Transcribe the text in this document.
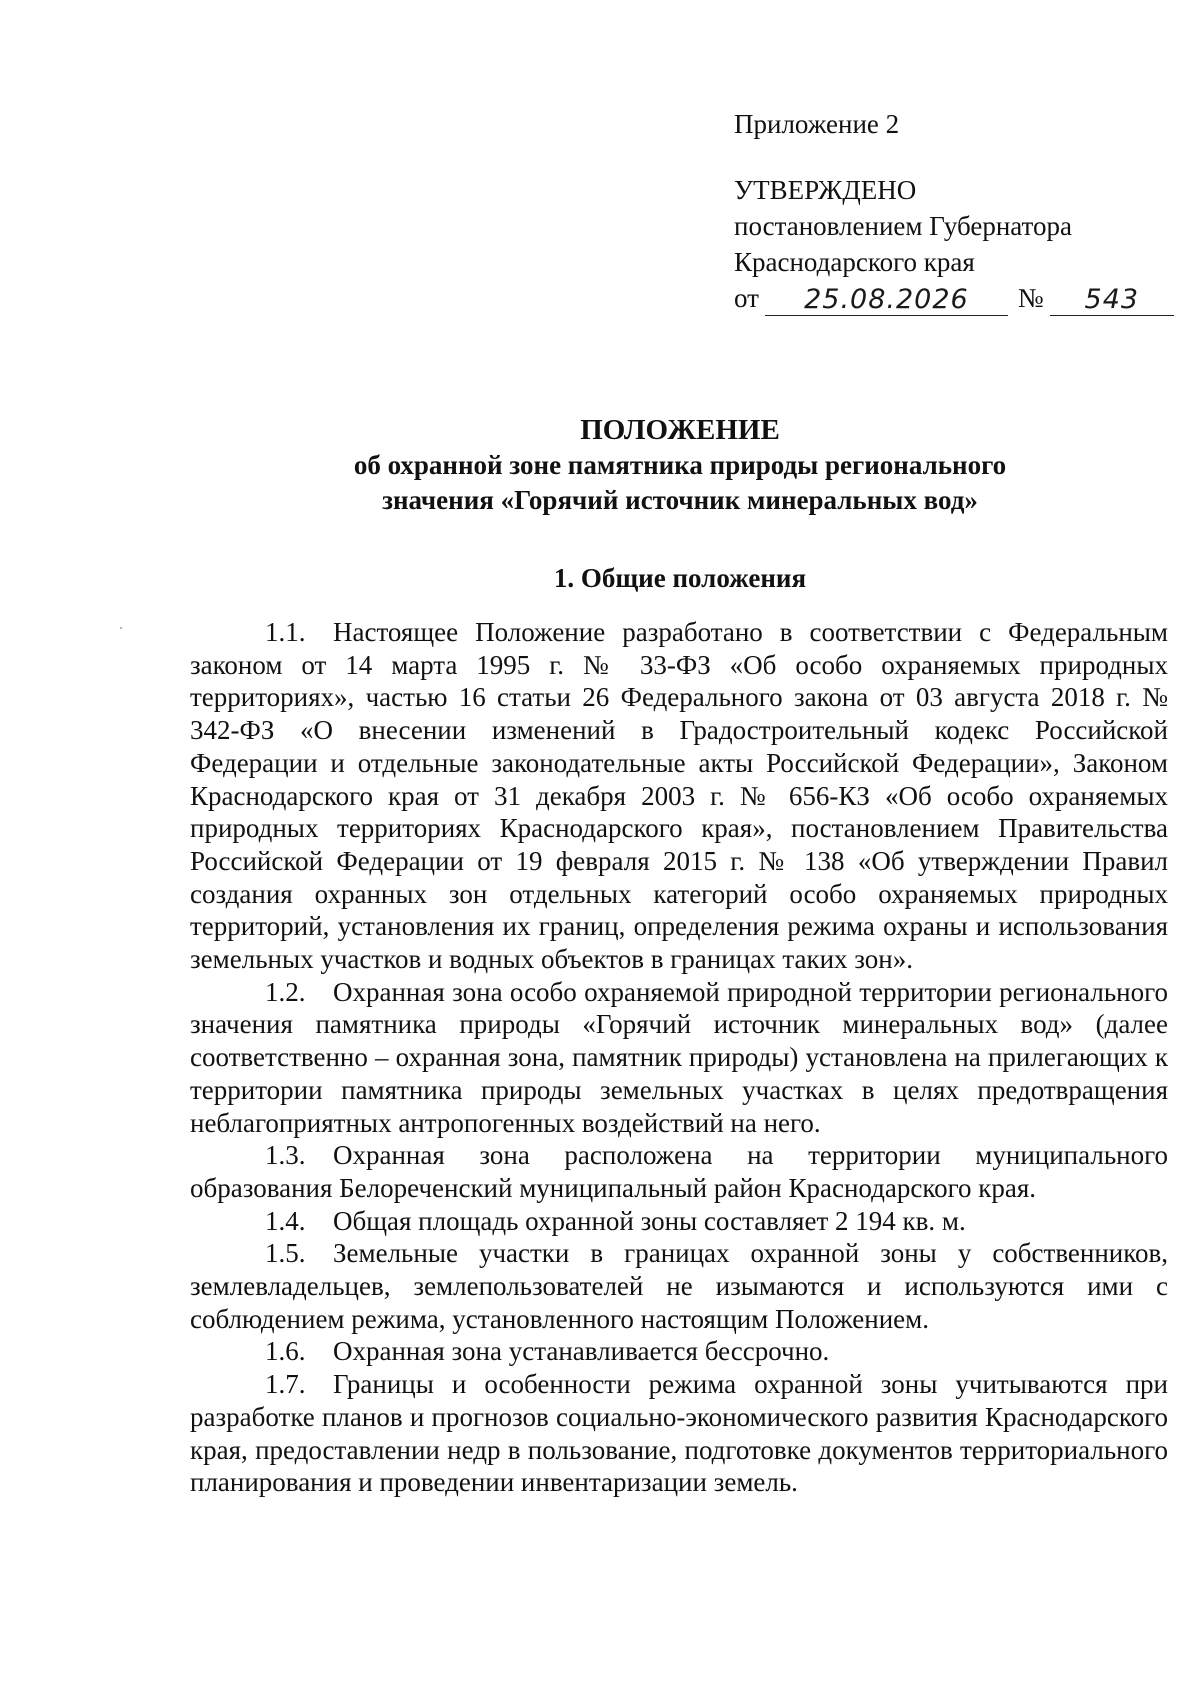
Приложение 2
УТВЕРЖДЕНО
постановлением Губернатора
Краснодарского края
от	25.08.2026	№	543
ПОЛОЖЕНИЕ
об охранной зоне памятника природы регионального
значения «Горячий источник минеральных вод»
1. Общие положения

1.1. Настоящее Положение разработано в соответствии с Федеральным законом от 14 марта 1995 г. № 33-ФЗ «Об особо охраняемых природных территориях», частью 16 статьи 26 Федерального закона от 03 августа 2018 г. № 342-ФЗ «О внесении изменений в Градостроительный кодекс Российской Федерации и отдельные законодательные акты Российской Федерации», Законом Краснодарского края от 31 декабря 2003 г. № 656-КЗ «Об особо охраняемых природных территориях Краснодарского края», постановлением Правительства Российской Федерации от 19 февраля 2015 г. № 138 «Об утверждении Правил создания охранных зон отдельных категорий особо охраняемых природных территорий, установления их границ, определения режима охраны и использования земельных участков и водных объектов в границах таких зон».

1.2. Охранная зона особо охраняемой природной территории регионального значения памятника природы «Горячий источник минеральных вод» (далее соответственно – охранная зона, памятник природы) установлена на прилегающих к территории памятника природы земельных участках в целях предотвращения неблагоприятных антропогенных воздействий на него.

1.3. Охранная зона расположена на территории муниципального образования Белореченский муниципальный район Краснодарского края.

1.4. Общая площадь охранной зоны составляет 2 194 кв. м.

1.5. Земельные участки в границах охранной зоны у собственников, землевладельцев, землепользователей не изымаются и используются ими с соблюдением режима, установленного настоящим Положением.

1.6. Охранная зона устанавливается бессрочно.

1.7. Границы и особенности режима охранной зоны учитываются при разработке планов и прогнозов социально-экономического развития Краснодарского края, предоставлении недр в пользование, подготовке документов территориального планирования и проведении инвентаризации земель.
